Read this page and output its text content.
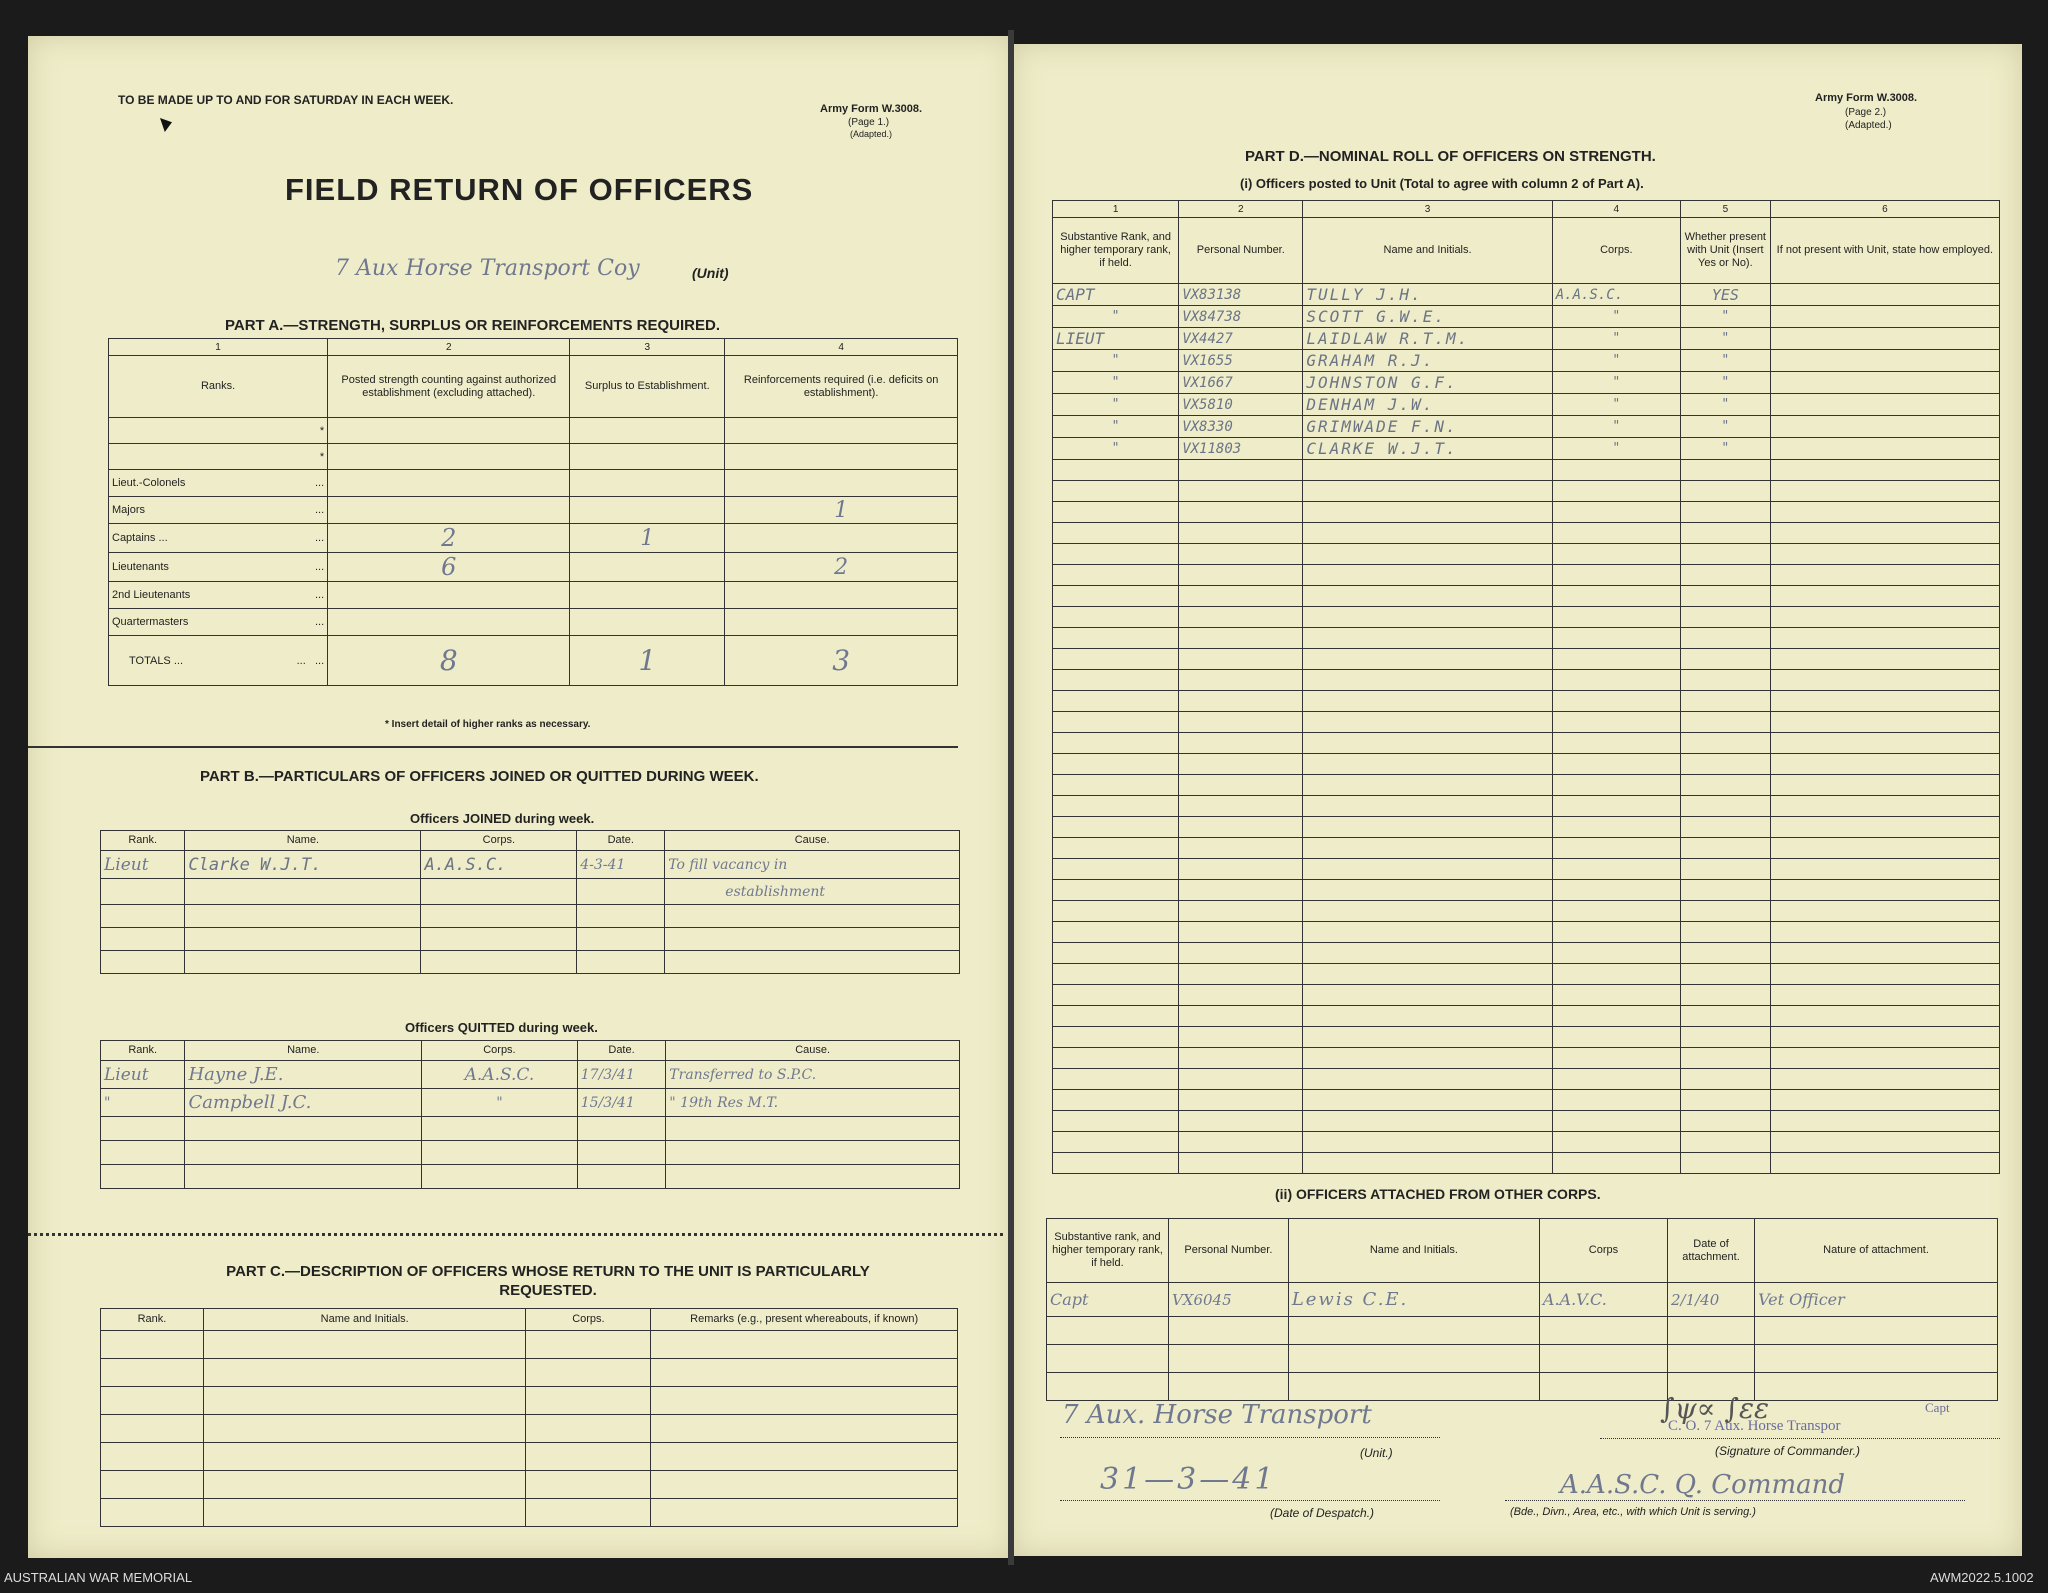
TO BE MADE UP TO AND FOR SATURDAY IN EACH WEEK.
Army Form W.3008.
(Page 1.)
(Adapted.)
FIELD RETURN OF OFFICERS
7 Aux Horse Transport Coy	(Unit)
PART A.—STRENGTH, SURPLUS OR REINFORCEMENTS REQUIRED.
1	2	3	4
Ranks.	Posted strength counting against authorized establishment (excluding attached).	Surplus to Establishment.	Reinforcements required (i.e. deficits on establishment).
*			
*			
Lieut.-Colonels ...			

Majors ...			1
Captains ... ...	2	1	
Lieutenants ...	6		2
2nd Lieutenants ...			

Quartermasters ...			

TOTALS ... ...   ...	8	1	3
* Insert detail of higher ranks as necessary.
PART B.—PARTICULARS OF OFFICERS JOINED OR QUITTED DURING WEEK.
Officers JOINED during week.
Rank.	Name.	Corps.	Date.	Cause.
Lieut	Clarke W.J.T.	A.A.S.C.	4-3-41	To fill vacancy in
				establishment

Officers QUITTED during week.
Rank.	Name.	Corps.	Date.	Cause.
Lieut	Hayne J.E.	A.A.S.C.	17/3/41	Transferred to S.P.C.
"	Campbell J.C.	"	15/3/41	" 19th Res M.T.

PART C.—DESCRIPTION OF OFFICERS WHOSE RETURN TO THE UNIT IS PARTICULARLY
REQUESTED.
Rank.	Name and Initials.	Corps.	Remarks (e.g., present whereabouts, if known)

Army Form W.3008.
(Page 2.)
(Adapted.)
PART D.—NOMINAL ROLL OF OFFICERS ON STRENGTH.
(i) Officers posted to Unit (Total to agree with column 2 of Part A).
1	2	3	4	5	6
Substantive Rank, and higher temporary rank, if held.	Personal Number.	Name and Initials.	Corps.	Whether present with Unit (Insert Yes or No).	If not present with Unit, state how employed.
CAPT	VX83138	TULLY J.H.	A.A.S.C.	YES	
"	VX84738	SCOTT G.W.E.	"	"	
LIEUT	VX4427	LAIDLAW R.T.M.	"	"	
"	VX1655	GRAHAM R.J.	"	"	
"	VX1667	JOHNSTON G.F.	"	"	
"	VX5810	DENHAM J.W.	"	"	
"	VX8330	GRIMWADE F.N.	"	"	
"	VX11803	CLARKE W.J.T.	"	"	

(ii) OFFICERS ATTACHED FROM OTHER CORPS.
Substantive rank, and higher temporary rank, if held.	Personal Number.	Name and Initials.	Corps	Date of attachment.	Nature of attachment.
Capt	VX6045	Lewis C.E.	A.A.V.C.	2/1/40	Vet Officer

7 Aux. Horse Transport
(Unit.)
31—3—41
(Date of Despatch.)
∫ψ∝ ∫εε	Capt
C. O. 7 Aux. Horse Transpor
(Signature of Commander.)
A.A.S.C. Q. Command
(Bde., Divn., Area, etc., with which Unit is serving.)
AUSTRALIAN WAR MEMORIAL	AWM2022.5.1002
